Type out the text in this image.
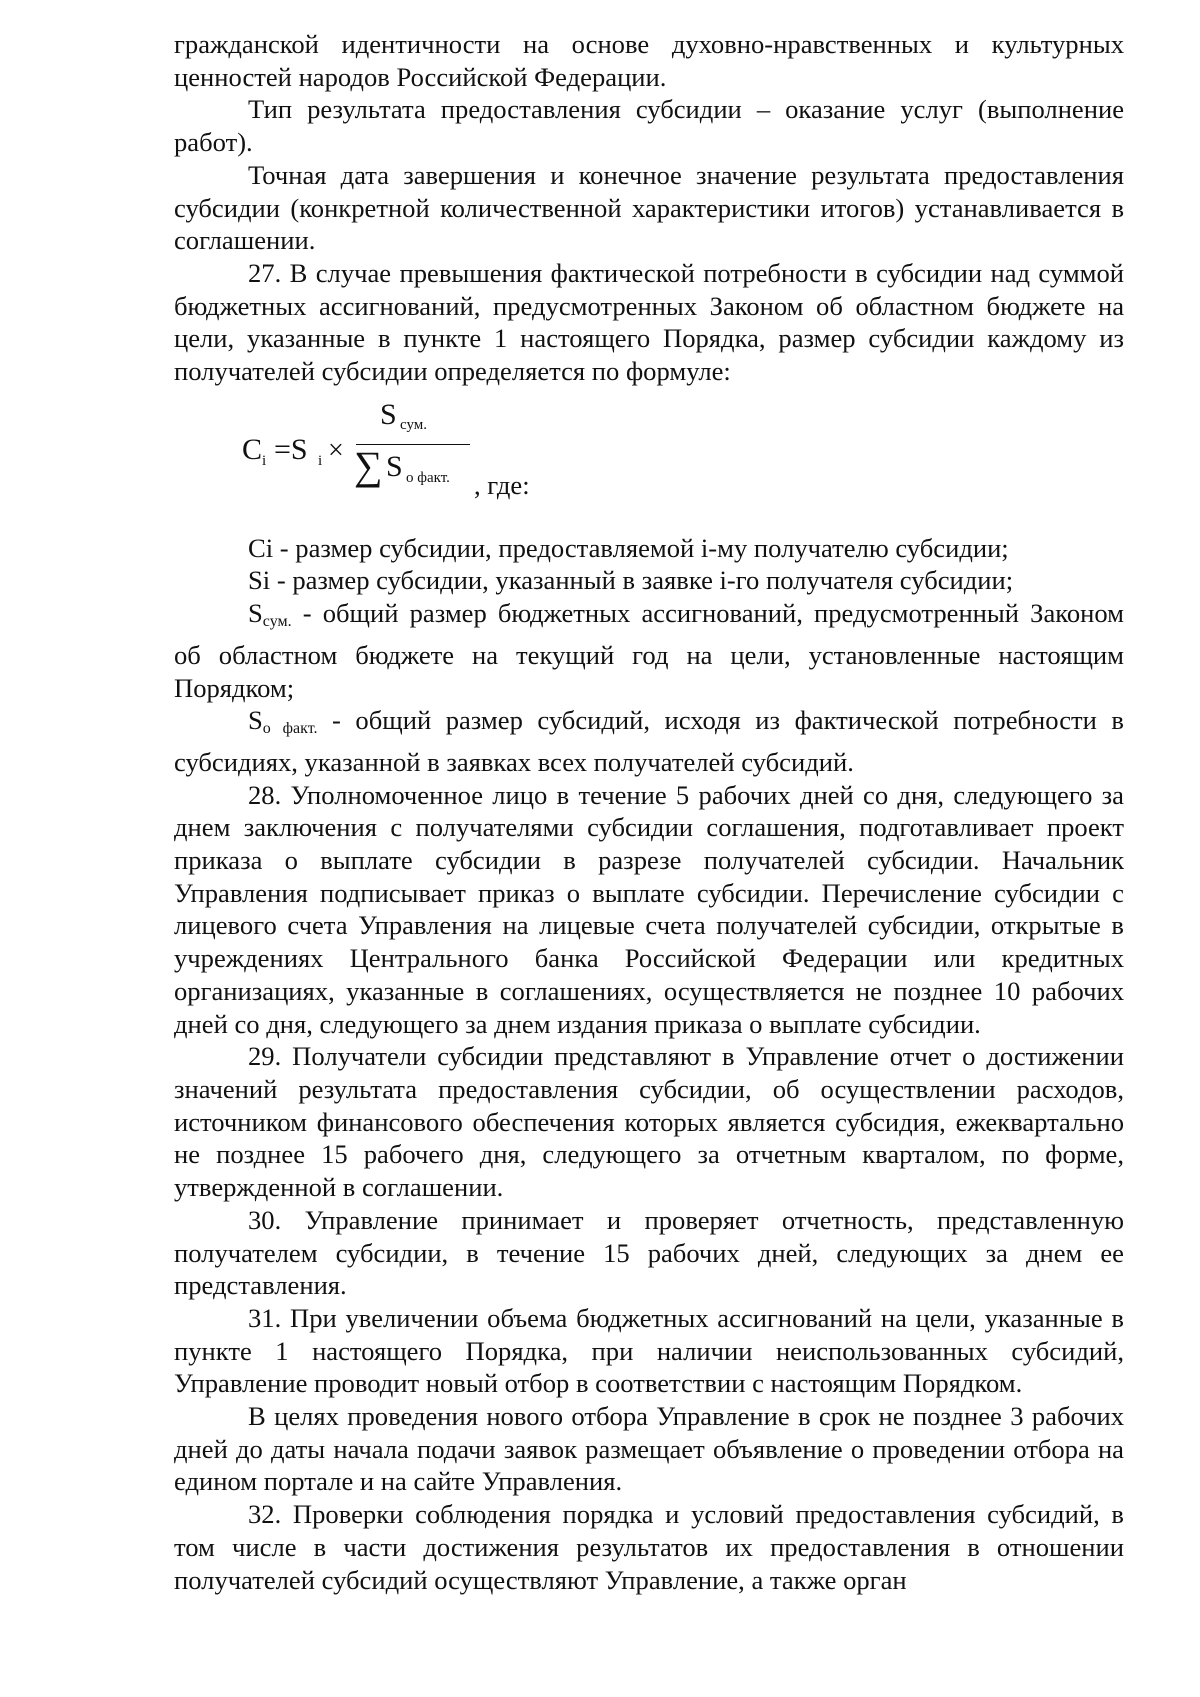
гражданской идентичности на основе духовно-нравственных и культурных ценностей народов Российской Федерации.

Тип результата предоставления субсидии – оказание услуг (выполнение работ).

Точная дата завершения и конечное значение результата предоставления субсидии (конкретной количественной характеристики итогов) устанавливается в соглашении.

27. В случае превышения фактической потребности в субсидии над суммой бюджетных ассигнований, предусмотренных Законом об областном бюджете на цели, указанные в пункте 1 настоящего Порядка, размер субсидии каждому из получателей субсидии определяется по формуле:

C i =S i ×
S сум.
∑ S о факт. , где:

Ci - размер субсидии, предоставляемой i-му получателю субсидии;

Si - размер субсидии, указанный в заявке i-го получателя субсидии;

Sсум. - общий размер бюджетных ассигнований, предусмотренный Законом об областном бюджете на текущий год на цели, установленные настоящим Порядком;

Sо факт. - общий размер субсидий, исходя из фактической потребности в субсидиях, указанной в заявках всех получателей субсидий.

28. Уполномоченное лицо в течение 5 рабочих дней со дня, следующего за днем заключения с получателями субсидии соглашения, подготавливает проект приказа о выплате субсидии в разрезе получателей субсидии. Начальник Управления подписывает приказ о выплате субсидии. Перечисление субсидии с лицевого счета Управления на лицевые счета получателей субсидии, открытые в учреждениях Центрального банка Российской Федерации или кредитных организациях, указанные в соглашениях, осуществляется не позднее 10 рабочих дней со дня, следующего за днем издания приказа о выплате субсидии.

29. Получатели субсидии представляют в Управление отчет о достижении значений результата предоставления субсидии, об осуществлении расходов, источником финансового обеспечения которых является субсидия, ежеквартально не позднее 15 рабочего дня, следующего за отчетным кварталом, по форме, утвержденной в соглашении.

30. Управление принимает и проверяет отчетность, представленную получателем субсидии, в течение 15 рабочих дней, следующих за днем ее представления.

31. При увеличении объема бюджетных ассигнований на цели, указанные в пункте 1 настоящего Порядка, при наличии неиспользованных субсидий, Управление проводит новый отбор в соответствии с настоящим Порядком.

В целях проведения нового отбора Управление в срок не позднее 3 рабочих дней до даты начала подачи заявок размещает объявление о проведении отбора на едином портале и на сайте Управления.

32. Проверки соблюдения порядка и условий предоставления субсидий, в том числе в части достижения результатов их предоставления в отношении получателей субсидий осуществляют Управление, а также орган
